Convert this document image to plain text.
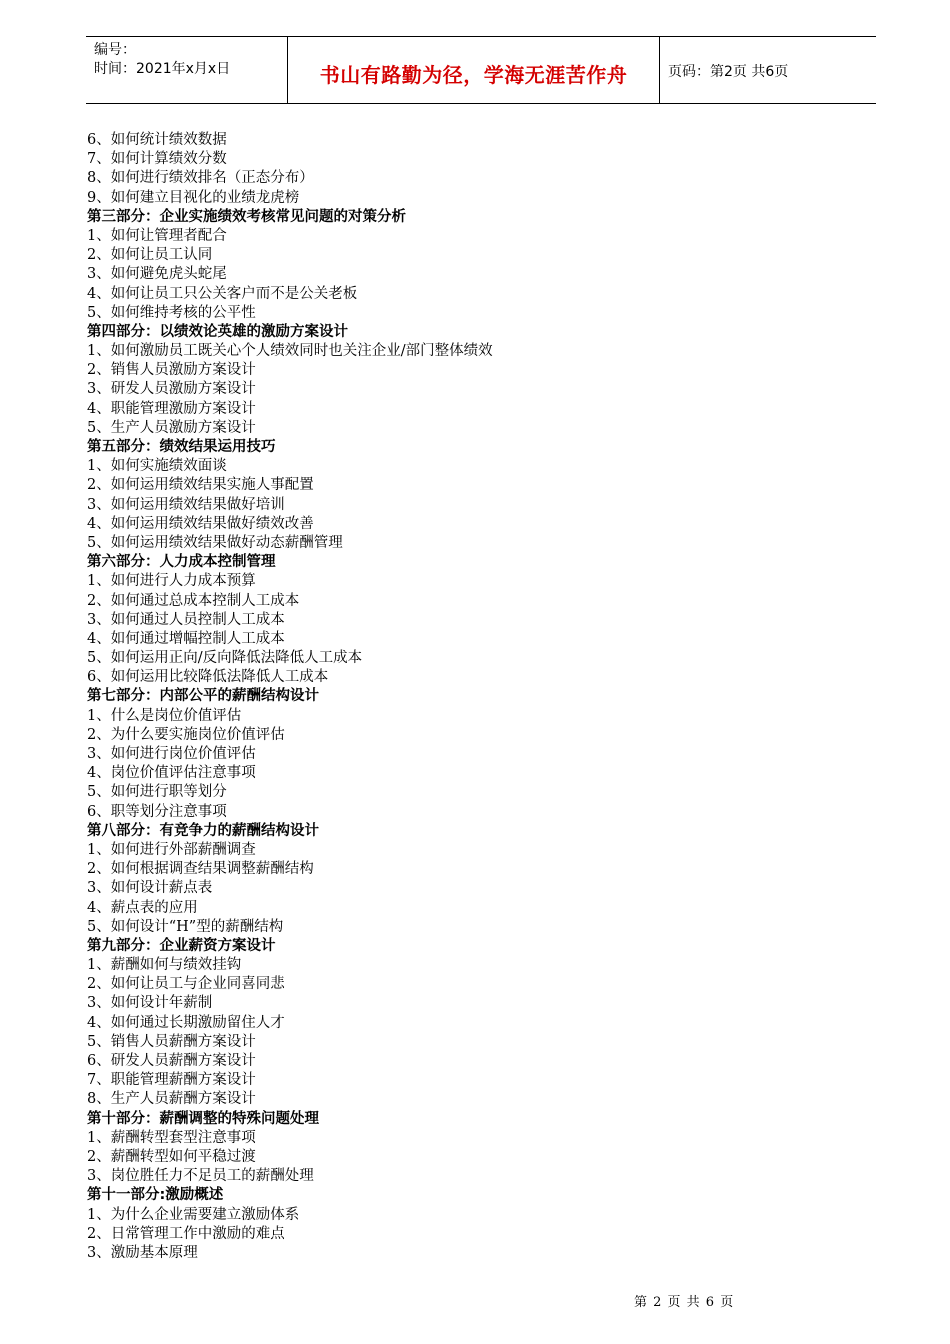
编号：
时间：2021年x月x日	书山有路勤为径，学海无涯苦作舟	页码：第2页 共6页
6、如何统计绩效数据
7、如何计算绩效分数
8、如何进行绩效排名（正态分布）
9、如何建立目视化的业绩龙虎榜
第三部分：企业实施绩效考核常见问题的对策分析
1、如何让管理者配合
2、如何让员工认同
3、如何避免虎头蛇尾
4、如何让员工只公关客户而不是公关老板
5、如何维持考核的公平性
第四部分：以绩效论英雄的激励方案设计
1、如何激励员工既关心个人绩效同时也关注企业/部门整体绩效
2、销售人员激励方案设计
3、研发人员激励方案设计
4、职能管理激励方案设计
5、生产人员激励方案设计
第五部分：绩效结果运用技巧
1、如何实施绩效面谈
2、如何运用绩效结果实施人事配置
3、如何运用绩效结果做好培训
4、如何运用绩效结果做好绩效改善
5、如何运用绩效结果做好动态薪酬管理
第六部分：人力成本控制管理
1、如何进行人力成本预算
2、如何通过总成本控制人工成本
3、如何通过人员控制人工成本
4、如何通过增幅控制人工成本
5、如何运用正向/反向降低法降低人工成本
6、如何运用比较降低法降低人工成本
第七部分：内部公平的薪酬结构设计
1、什么是岗位价值评估
2、为什么要实施岗位价值评估
3、如何进行岗位价值评估
4、岗位价值评估注意事项
5、如何进行职等划分
6、职等划分注意事项
第八部分：有竞争力的薪酬结构设计
1、如何进行外部薪酬调查
2、如何根据调查结果调整薪酬结构
3、如何设计薪点表
4、薪点表的应用
5、如何设计“H”型的薪酬结构
第九部分：企业薪资方案设计
1、薪酬如何与绩效挂钩
2、如何让员工与企业同喜同悲
3、如何设计年薪制
4、如何通过长期激励留住人才
5、销售人员薪酬方案设计
6、研发人员薪酬方案设计
7、职能管理薪酬方案设计
8、生产人员薪酬方案设计
第十部分：薪酬调整的特殊问题处理
1、薪酬转型套型注意事项
2、薪酬转型如何平稳过渡
3、岗位胜任力不足员工的薪酬处理
第十一部分:激励概述
1、为什么企业需要建立激励体系
2、日常管理工作中激励的难点
3、激励基本原理
第 2 页 共 6 页
